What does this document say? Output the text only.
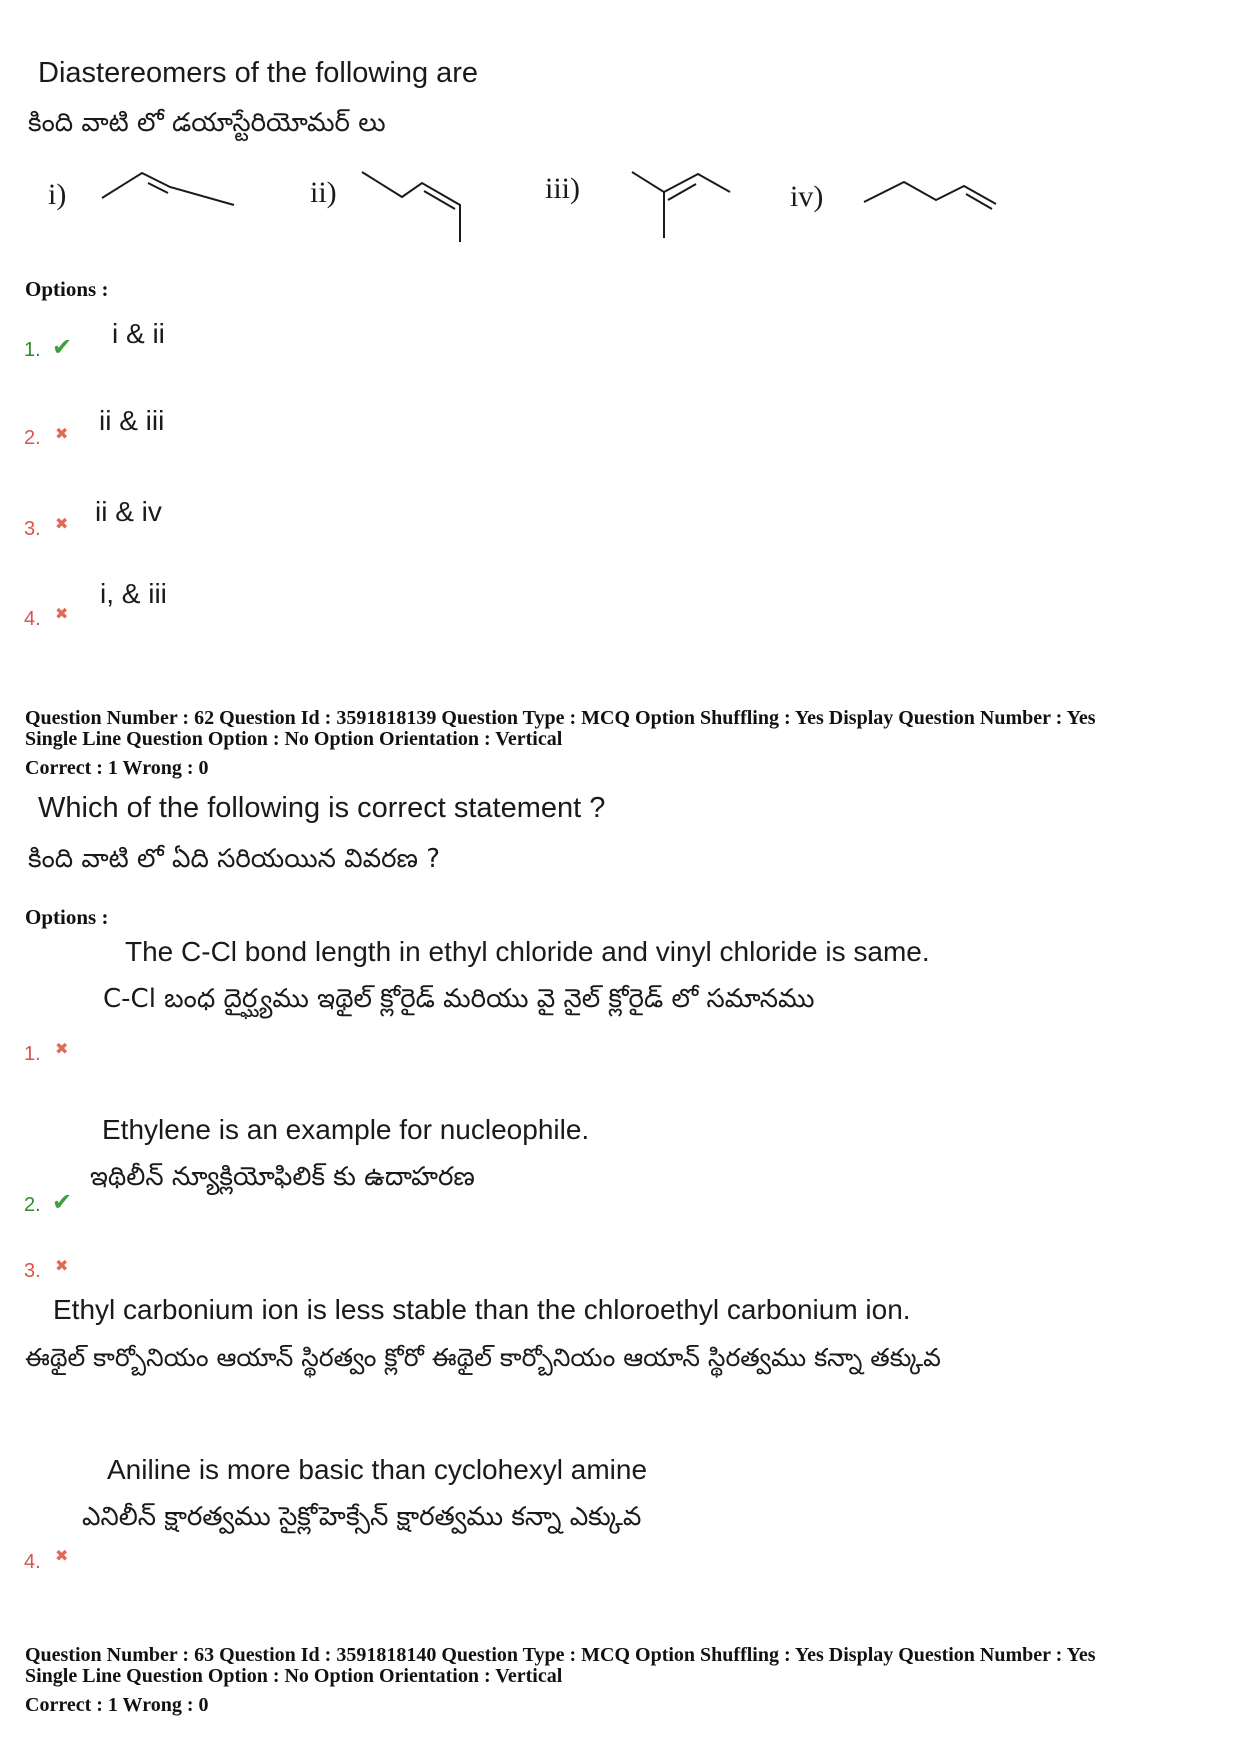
Diastereomers of the following are
కింది వాటి లో డయాస్టేరియోమర్ లు
i)	ii)	iii)	iv)
Options :
1. ✔ i & ii
2. ✖ ii & iii
3. ✖ ii & iv
4. ✖
i, & iii
Question Number : 62 Question Id : 3591818139 Question Type : MCQ Option Shuffling : Yes Display Question Number : Yes
Single Line Question Option : No Option Orientation : Vertical
Correct : 1 Wrong : 0
Which of the following is correct statement ?
కింది వాటి లో ఏది సరియయిన వివరణ ?
Options :
The C-Cl bond length in ethyl chloride and vinyl chloride is same.
C-Cl బంధ దైర్ఘ్యము ఇథైల్ క్లోరైడ్ మరియు వై నైల్ క్లోరైడ్ లో సమానము
1. ✖
Ethylene is an example for nucleophile.
ఇథిలీన్ న్యూక్లియోఫిలిక్ కు ఉదాహరణ
2. ✔
3. ✖
Ethyl carbonium ion is less stable than the chloroethyl carbonium ion.
ఈథైల్ కార్బోనియం ఆయాన్ స్థిరత్వం క్లోరో ఈథైల్ కార్బోనియం ఆయాన్ స్థిరత్వము కన్నా తక్కువ
Aniline is more basic than cyclohexyl amine
ఎనిలీన్ క్షారత్వము సైక్లోహెక్సేన్ క్షారత్వము కన్నా ఎక్కువ
4. ✖
Question Number : 63 Question Id : 3591818140 Question Type : MCQ Option Shuffling : Yes Display Question Number : Yes
Single Line Question Option : No Option Orientation : Vertical
Correct : 1 Wrong : 0
